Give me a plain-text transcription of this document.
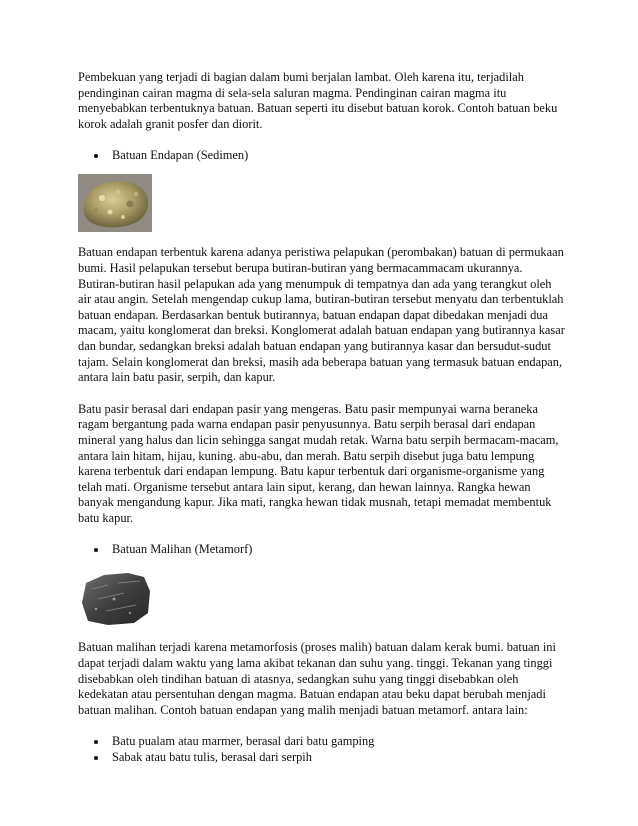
Pembekuan yang terjadi di bagian dalam bumi berjalan lambat. Oleh karena itu, terjadilah pendinginan cairan magma di sela-sela saluran magma. Pendinginan cairan magma itu menyebabkan terbentuknya batuan. Batuan seperti itu disebut batuan korok. Contoh batuan beku korok adalah granit posfer dan diorit.

Batuan Endapan (Sedimen)

Batuan endapan terbentuk karena adanya peristiwa pelapukan (perombakan) batuan di permukaan bumi. Hasil pelapukan tersebut berupa butiran-butiran yang bermacammacam ukurannya. Butiran-butiran hasil pelapukan ada yang menumpuk di tempatnya dan ada yang terangkut oleh air atau angin. Setelah mengendap cukup lama, butiran-butiran tersebut menyatu dan terbentuklah batuan endapan. Berdasarkan bentuk butirannya, batuan endapan dapat dibedakan menjadi dua macam, yaitu konglomerat dan breksi. Konglomerat adalah batuan endapan yang butirannya kasar dan bundar, sedangkan breksi adalah batuan endapan yang butirannya kasar dan bersudut-sudut tajam. Selain konglomerat dan breksi, masih ada beberapa batuan yang termasuk batuan endapan, antara lain batu pasir, serpih, dan kapur.

Batu pasir berasal dari endapan pasir yang mengeras. Batu pasir mempunyai warna beraneka ragam bergantung pada warna endapan pasir penyusunnya. Batu serpih berasal dari endapan mineral yang halus dan licin sehingga sangat mudah retak. Warna batu serpih bermacam-macam, antara lain hitam, hijau, kuning. abu-abu, dan merah. Batu serpih disebut juga batu lempung karena terbentuk dari endapan lempung. Batu kapur terbentuk dari organisme-organisme yang telah mati. Organisme tersebut antara lain siput, kerang, dan hewan lainnya. Rangka hewan banyak mengandung kapur. Jika mati, rangka hewan tidak musnah, tetapi memadat membentuk batu kapur.

Batuan Malihan (Metamorf)

Batuan malihan terjadi karena metamorfosis (proses malih) batuan dalam kerak bumi. batuan ini dapat terjadi dalam waktu yang lama akibat tekanan dan suhu yang. tinggi. Tekanan yang tinggi disebabkan oleh tindihan batuan di atasnya, sedangkan suhu yang tinggi disebabkan oleh kedekatan atau persentuhan dengan magma. Batuan endapan atau beku dapat berubah menjadi batuan malihan. Contoh batuan endapan yang malih menjadi batuan metamorf. antara lain:

Batu pualam atau marmer, berasal dari batu gamping
Sabak atau batu tulis, berasal dari serpih
